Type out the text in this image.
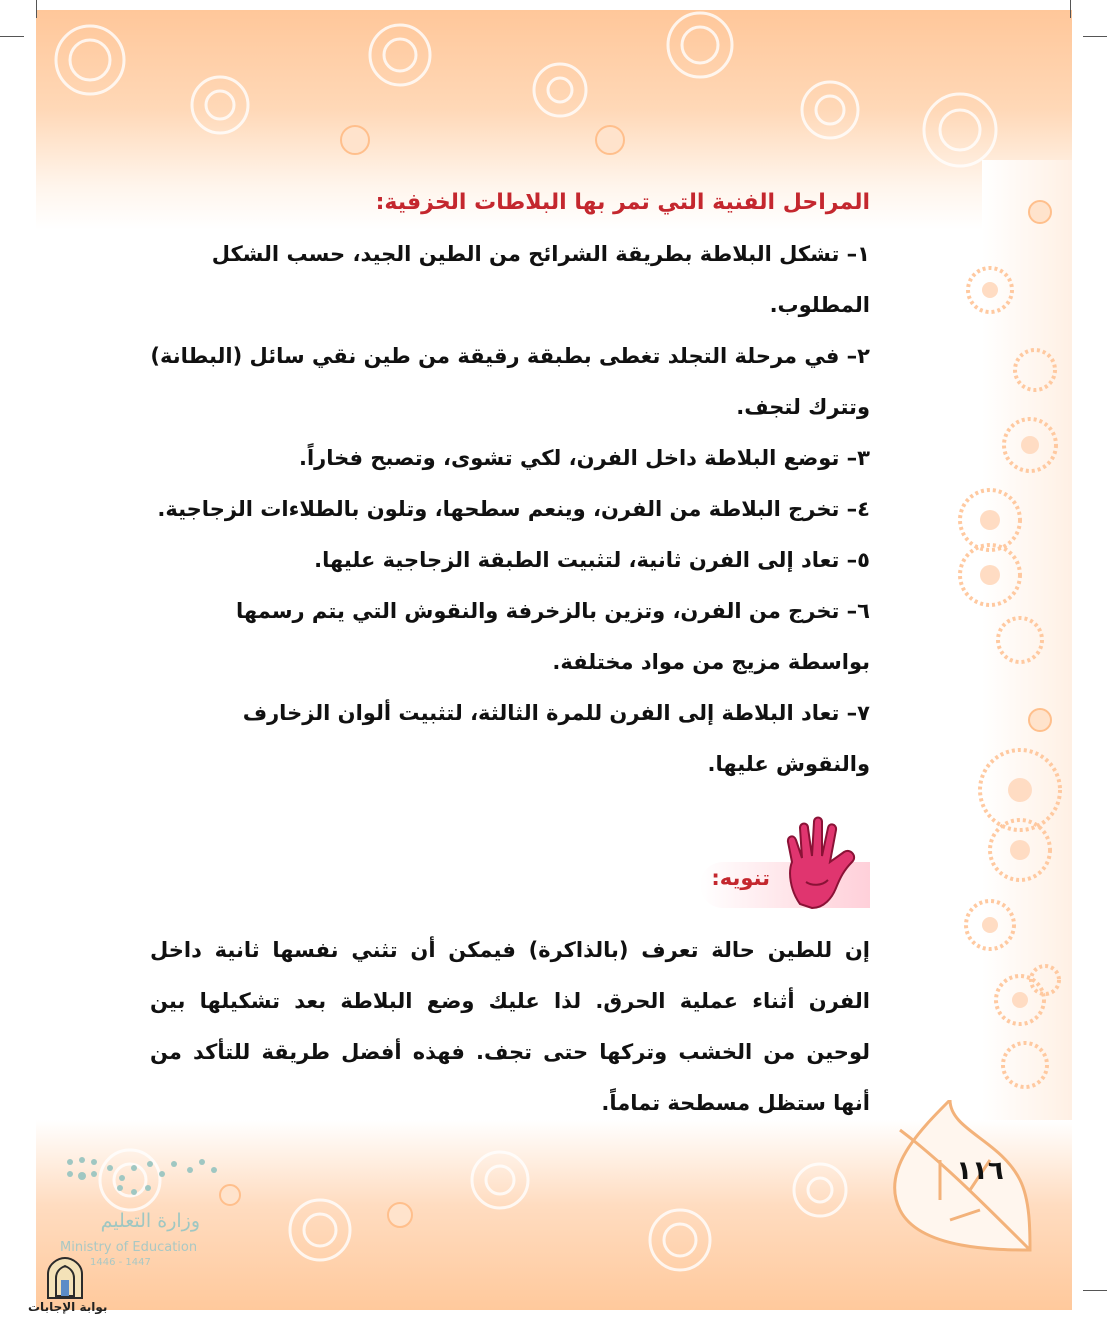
المراحل الفنية التي تمر بها البلاطات الخزفية:
١– تشكل البلاطة بطريقة الشرائح من الطين الجيد، حسب الشكل المطلوب.
٢– في مرحلة التجلد تغطى بطبقة رقيقة من طين نقي سائل (البطانة) وتترك لتجف.
٣– توضع البلاطة داخل الفرن، لكي تشوى، وتصبح فخاراً.
٤– تخرج البلاطة من الفرن، وينعم سطحها، وتلون بالطلاءات الزجاجية.
٥– تعاد إلى الفرن ثانية، لتثبيت الطبقة الزجاجية عليها.
٦– تخرج من الفرن، وتزين بالزخرفة والنقوش التي يتم رسمها بواسطة مزيج من مواد مختلفة.
٧– تعاد البلاطة إلى الفرن للمرة الثالثة، لتثبيت ألوان الزخارف والنقوش عليها.
تنويه:

إن للطين حالة تعرف (بالذاكرة) فيمكن أن تثني نفسها ثانية داخل الفرن أثناء عملية الحرق. لذا عليك وضع البلاطة بعد تشكيلها بين لوحين من الخشب وتركها حتى تجف. فهذه أفضل طريقة للتأكد من أنها ستظل مسطحة تماماً.

١١٦
وزارة التعليم
Ministry of Education
1446 - 1447
بوابة الإجابات
